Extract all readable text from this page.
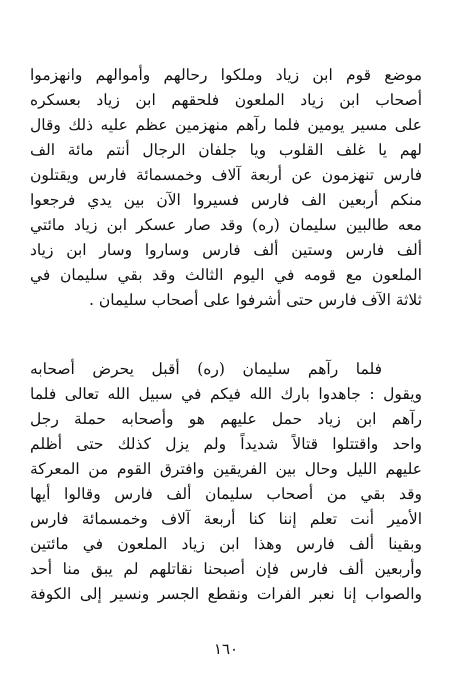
موضع قوم ابن زياد وملكوا رحالهم وأموالهم وانهزموا
أصحاب ابن زياد الملعون فلحقهم ابن زياد بعسكره
على مسير يومين فلما رآهم منهزمين عظم عليه ذلك وقال
لهم يا غلف القلوب ويا جلفان الرجال أنتم مائة الف
فارس تنهزمون عن أربعة آلاف وخمسمائة فارس ويقتلون
منكم أربعين الف فارس فسيروا الآن بين يدي فرجعوا
معه طالبين سليمان (ره) وقد صار عسكر ابن زياد مائتي
ألف فارس وستين ألف فارس وساروا وسار ابن زياد
الملعون مع قومه في اليوم الثالث وقد بقي سليمان في
ثلاثة الآف فارس حتى أشرفوا على أصحاب سليمان .
فلما رآهم سليمان (ره) أقبل يحرض أصحابه
ويقول : جاهدوا بارك الله فيكم في سبيل الله تعالى فلما
رآهم ابن زياد حمل عليهم هو وأصحابه حملة رجل
واحد واقتتلوا قتالاً شديداً ولم يزل كذلك حتى أظلم
عليهم الليل وحال بين الفريقين وافترق القوم من المعركة
وقد بقي من أصحاب سليمان ألف فارس وقالوا أيها
الأمير أنت تعلم إننا كنا أربعة آلاف وخمسمائة فارس
وبقينا ألف فارس وهذا ابن زياد الملعون في مائتين
وأربعين ألف فارس فإن أصبحنا نقاتلهم لم يبق منا أحد
والصواب إنا نعبر الفرات ونقطع الجسر ونسير إلى الكوفة
١٦٠
